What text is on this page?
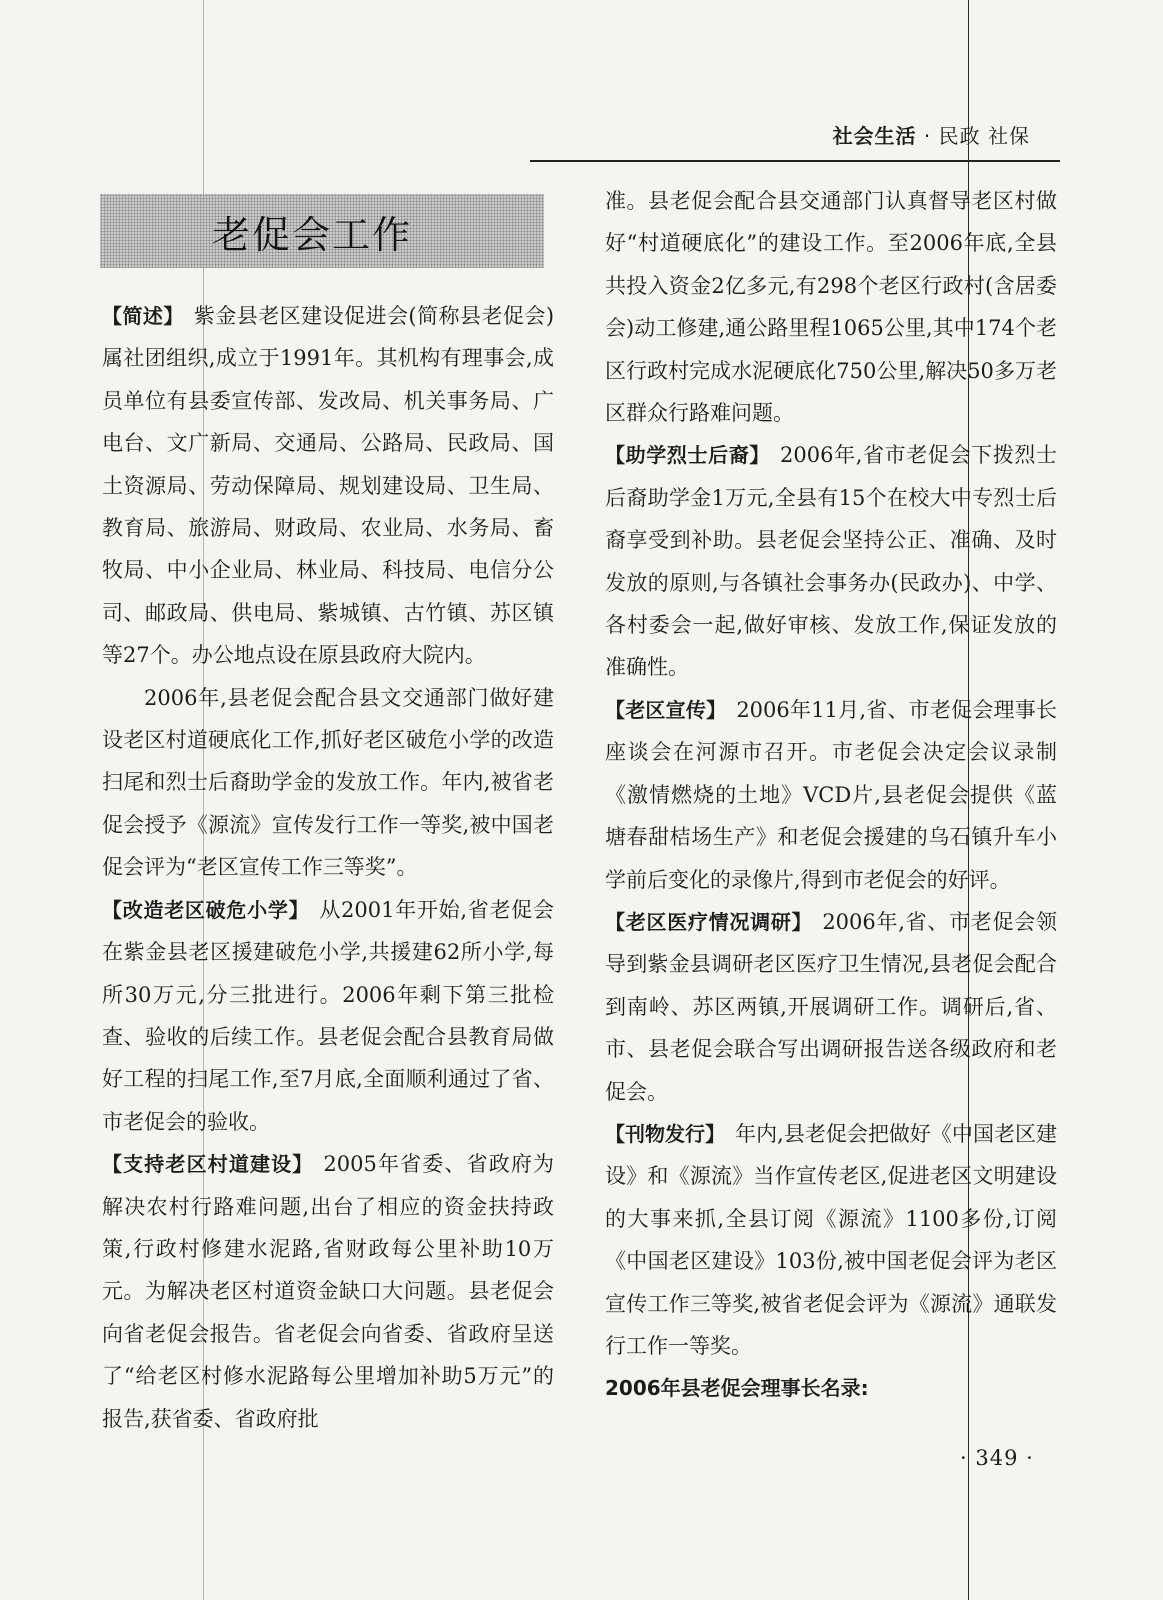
社会生活 · 民政 社保
老促会工作

【简述】 紫金县老区建设促进会(简称县老促会)属社团组织,成立于1991年。其机构有理事会,成员单位有县委宣传部、发改局、机关事务局、广电台、文广新局、交通局、公路局、民政局、国土资源局、劳动保障局、规划建设局、卫生局、教育局、旅游局、财政局、农业局、水务局、畜牧局、中小企业局、林业局、科技局、电信分公司、邮政局、供电局、紫城镇、古竹镇、苏区镇等27个。办公地点设在原县政府大院内。

2006年,县老促会配合县文交通部门做好建设老区村道硬底化工作,抓好老区破危小学的改造扫尾和烈士后裔助学金的发放工作。年内,被省老促会授予《源流》宣传发行工作一等奖,被中国老促会评为“老区宣传工作三等奖”。

【改造老区破危小学】 从2001年开始,省老促会在紫金县老区援建破危小学,共援建62所小学,每所30万元,分三批进行。2006年剩下第三批检查、验收的后续工作。县老促会配合县教育局做好工程的扫尾工作,至7月底,全面顺利通过了省、市老促会的验收。

【支持老区村道建设】 2005年省委、省政府为解决农村行路难问题,出台了相应的资金扶持政策,行政村修建水泥路,省财政每公里补助10万元。为解决老区村道资金缺口大问题。县老促会向省老促会报告。省老促会向省委、省政府呈送了“给老区村修水泥路每公里增加补助5万元”的报告,获省委、省政府批

准。县老促会配合县交通部门认真督导老区村做好“村道硬底化”的建设工作。至2006年底,全县共投入资金2亿多元,有298个老区行政村(含居委会)动工修建,通公路里程1065公里,其中174个老区行政村完成水泥硬底化750公里,解决50多万老区群众行路难问题。

【助学烈士后裔】 2006年,省市老促会下拨烈士后裔助学金1万元,全县有15个在校大中专烈士后裔享受到补助。县老促会坚持公正、准确、及时发放的原则,与各镇社会事务办(民政办)、中学、各村委会一起,做好审核、发放工作,保证发放的准确性。

【老区宣传】 2006年11月,省、市老促会理事长座谈会在河源市召开。市老促会决定会议录制《激情燃烧的土地》VCD片,县老促会提供《蓝塘春甜桔场生产》和老促会援建的乌石镇升车小学前后变化的录像片,得到市老促会的好评。

【老区医疗情况调研】 2006年,省、市老促会领导到紫金县调研老区医疗卫生情况,县老促会配合到南岭、苏区两镇,开展调研工作。调研后,省、市、县老促会联合写出调研报告送各级政府和老促会。

【刊物发行】 年内,县老促会把做好《中国老区建设》和《源流》当作宣传老区,促进老区文明建设的大事来抓,全县订阅《源流》1100多份,订阅《中国老区建设》103份,被中国老促会评为老区宣传工作三等奖,被省老促会评为《源流》通联发行工作一等奖。

2006年县老促会理事长名录:

· 349 ·
